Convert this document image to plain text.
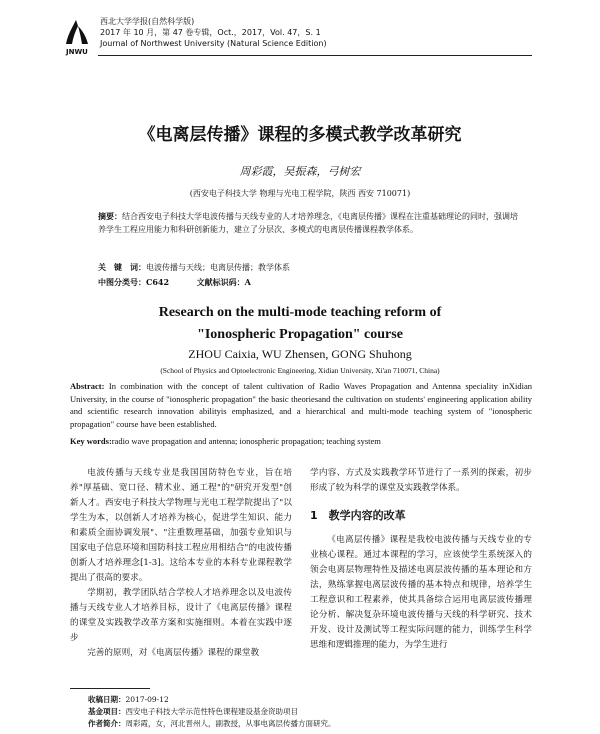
JNWU
西北大学学报(自然科学版)
2017 年 10 月，第 47 卷专辑，Oct.，2017，Vol. 47，S. 1
Journal of Northwest University (Natural Science Edition)
《电离层传播》课程的多模式教学改革研究
周彩霞，吴振森，弓树宏
(西安电子科技大学 物理与光电工程学院，陕西 西安 710071)
摘要：结合西安电子科技大学电波传播与天线专业的人才培养理念，《电离层传播》课程在注重基础理论的同时，强调培养学生工程应用能力和科研创新能力，建立了分层次、多模式的电离层传播课程教学体系。
关　键　词：电波传播与天线；电离层传播；教学体系
中图分类号：C642	文献标识码：A
Research on the multi-mode teaching reform of
"Ionospheric Propagation" course
ZHOU Caixia, WU Zhensen, GONG Shuhong
(School of Physics and Optoelectronic Engineering, Xidian University, Xi'an 710071, China)
Abstract: In combination with the concept of talent cultivation of Radio Waves Propagation and Antenna speciality inXidian University, in the course of "ionospheric propagation" the basic theoriesand the cultivation on students' engineering application ability and scientific research innovation abilityis emphasized, and a hierarchical and multi-mode teaching system of "ionospheric propagation" course have been established.
Key words:radio wave propagation and antenna; ionospheric propagation; teaching system

电波传播与天线专业是我国国防特色专业，旨在培养"厚基础、宽口径、精术业、通工程"的"研究开发型"创新人才。西安电子科技大学物理与光电工程学院提出了"以学生为本，以创新人才培养为核心，促进学生知识、能力和素质全面协调发展"、"注重数理基础，加强专业知识与国家电子信息环境和国防科技工程应用相结合"的电波传播创新人才培养理念[1-3]。这给本专业的本科专业课程教学提出了很高的要求。

学期初，教学团队结合学校人才培养理念以及电波传播与天线专业人才培养目标，设计了《电离层传播》课程的课堂及实践教学改革方案和实施细则。本着在实践中逐步

完善的原则，对《电离层传播》课程的课堂教

学内容、方式及实践教学环节进行了一系列的探索，初步形成了较为科学的课堂及实践教学体系。

1　教学内容的改革

《电离层传播》课程是我校电波传播与天线专业的专业核心课程。通过本课程的学习，应该使学生系统深入的领会电离层物理特性及描述电离层波传播的基本理论和方法，熟练掌握电离层波传播的基本特点和规律，培养学生工程意识和工程素养，使其具备综合运用电离层波传播理论分析、解决复杂环境电波传播与天线的科学研究、技术开发、设计及测试等工程实际问题的能力，训练学生科学思维和逻辑推理的能力，为学生进行

收稿日期：2017-09-12
基金项目：西安电子科技大学示范性特色课程建设基金资助项目
作者简介：周彩霞，女，河北晋州人，副教授，从事电离层传播方面研究。
